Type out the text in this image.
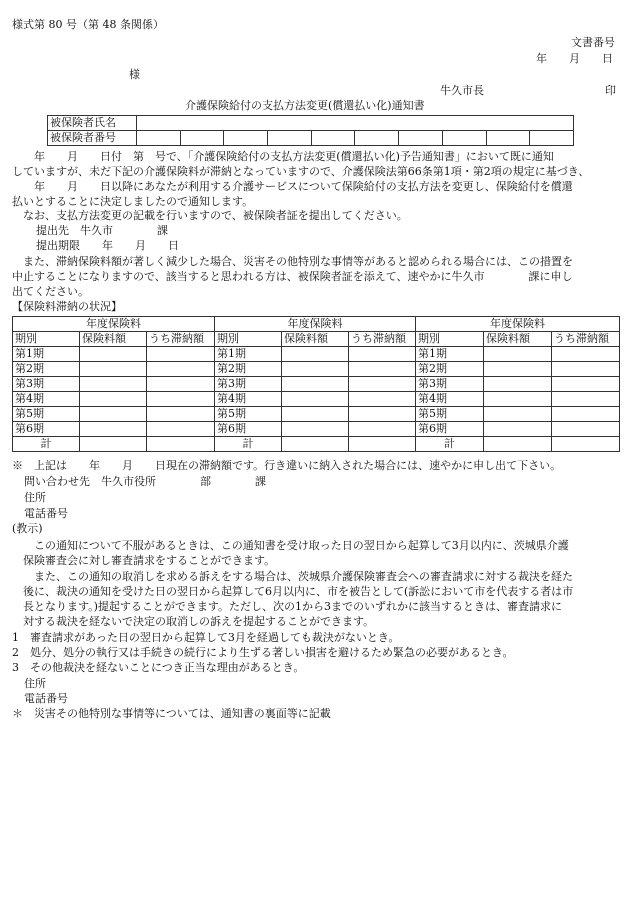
様式第 80 号（第 48 条関係）
文書番号
年　　月　　日
様
牛久市長	印
介護保険給付の支払方法変更(償還払い化)通知書
被保険者氏名										
被保険者番号										
　　年　　月　　日付　第　号で、「介護保険給付の支払方法変更(償還払い化)予告通知書」において既に通知
していますが、未だ下記の介護保険料が滞納となっていますので、介護保険法第66条第1項・第2項の規定に基づき、
　　年　　月　　日以降にあなたが利用する介護サービスについて保険給付の支払方法を変更し、保険給付を償還
払いとすることに決定しましたので通知します。
　なお、支払方法変更の記載を行いますので、被保険者証を提出してください。
提出先　牛久市　　　　課
提出期限　　年　　月　　日
　また、滞納保険料額が著しく減少した場合、災害その他特別な事情等があると認められる場合には、この措置を
中止することになりますので、該当すると思われる方は、被保険者証を添えて、速やかに牛久市　　　　課に申し
出てください。
【保険料滞納の状況】
年度保険料			年度保険料			年度保険料		
期別	保険料額	うち滞納額	期別	保険料額	うち滞納額	期別	保険料額	うち滞納額
第1期			第1期			第1期		
第2期			第2期			第2期		
第3期			第3期			第3期		
第4期			第4期			第4期		
第5期			第5期			第5期		
第6期			第6期			第6期		
計			計			計		
※　上記は　　年　　月　　日現在の滞納額です。行き違いに納入された場合には、速やかに申し出て下さい。
問い合わせ先　牛久市役所　　　　部　　　　課
住所
電話番号
(教示)
　　この通知について不服があるときは、この通知書を受け取った日の翌日から起算して3月以内に、茨城県介護
　保険審査会に対し審査請求をすることができます。
　　また、この通知の取消しを求める訴えをする場合は、茨城県介護保険審査会への審査請求に対する裁決を経た
　後に、裁決の通知を受けた日の翌日から起算して6月以内に、市を被告として(訴訟において市を代表する者は市
　長となります。)提起することができます。ただし、次の1から3までのいずれかに該当するときは、審査請求に
　対する裁決を経ないで決定の取消しの訴えを提起することができます。
1　審査請求があった日の翌日から起算して3月を経過しても裁決がないとき。
2　処分、処分の執行又は手続きの続行により生ずる著しい損害を避けるため緊急の必要があるとき。
3　その他裁決を経ないことにつき正当な理由があるとき。
住所
電話番号
＊　災害その他特別な事情等については、通知書の裏面等に記載
